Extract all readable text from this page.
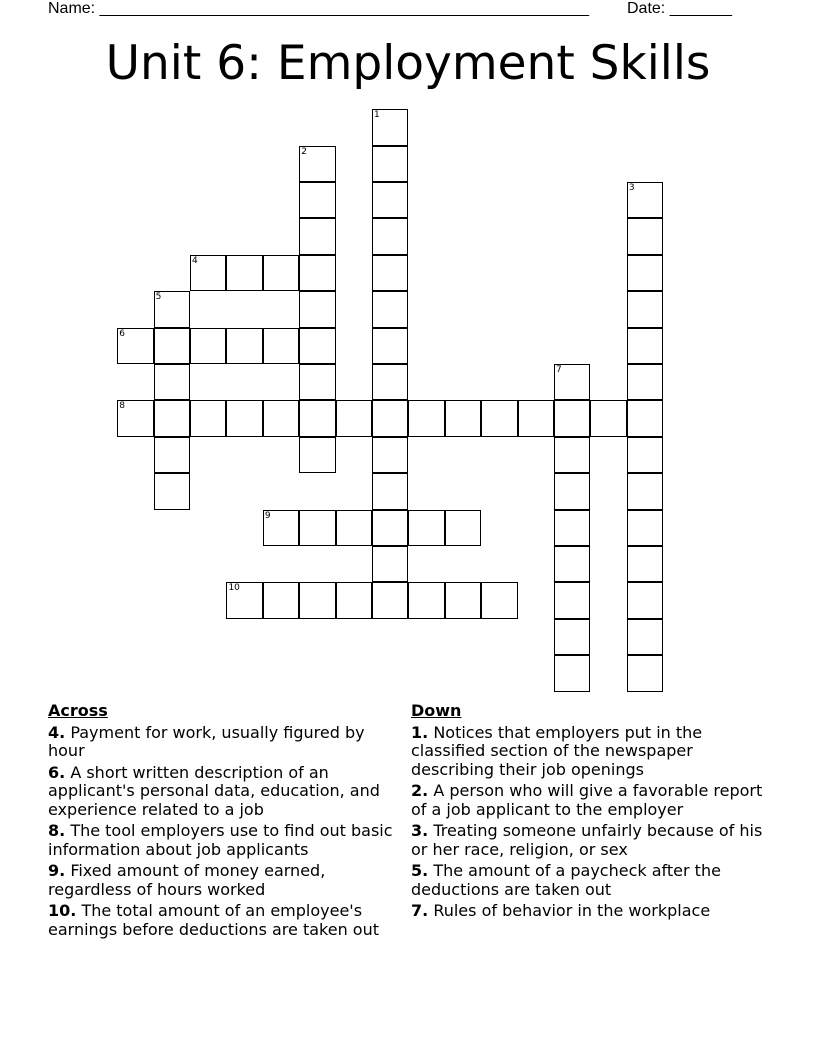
Name: _______________________________________________________ Date: _______
Unit 6: Employment Skills
1
2
3
4
5
6
7
8
9
10
Across
4. Payment for work, usually figured by hour
6. A short written description of an applicant's personal data, education, and experience related to a job
8. The tool employers use to find out basic information about job applicants
9. Fixed amount of money earned, regardless of hours worked
10. The total amount of an employee's earnings before deductions are taken out
Down
1. Notices that employers put in the classified section of the newspaper describing their job openings
2. A person who will give a favorable report of a job applicant to the employer
3. Treating someone unfairly because of his or her race, religion, or sex
5. The amount of a paycheck after the deductions are taken out
7. Rules of behavior in the workplace
